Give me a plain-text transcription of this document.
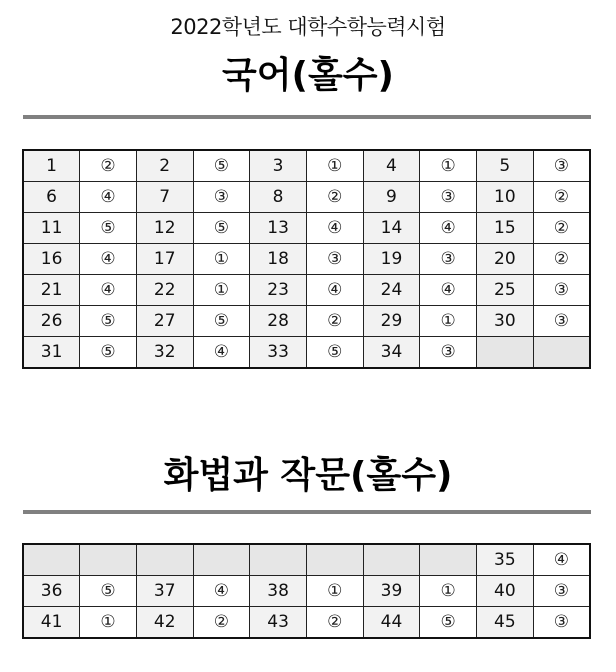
2022학년도 대학수학능력시험
국어(홀수)
1	②	2	⑤	3	①	4	①	5	③
6	④	7	③	8	②	9	③	10	②
11	⑤	12	⑤	13	④	14	④	15	②
16	④	17	①	18	③	19	③	20	②
21	④	22	①	23	④	24	④	25	③
26	⑤	27	⑤	28	②	29	①	30	③
31	⑤	32	④	33	⑤	34	③		
화법과 작문(홀수)
								35	④
36	⑤	37	④	38	①	39	①	40	③
41	①	42	②	43	②	44	⑤	45	③
